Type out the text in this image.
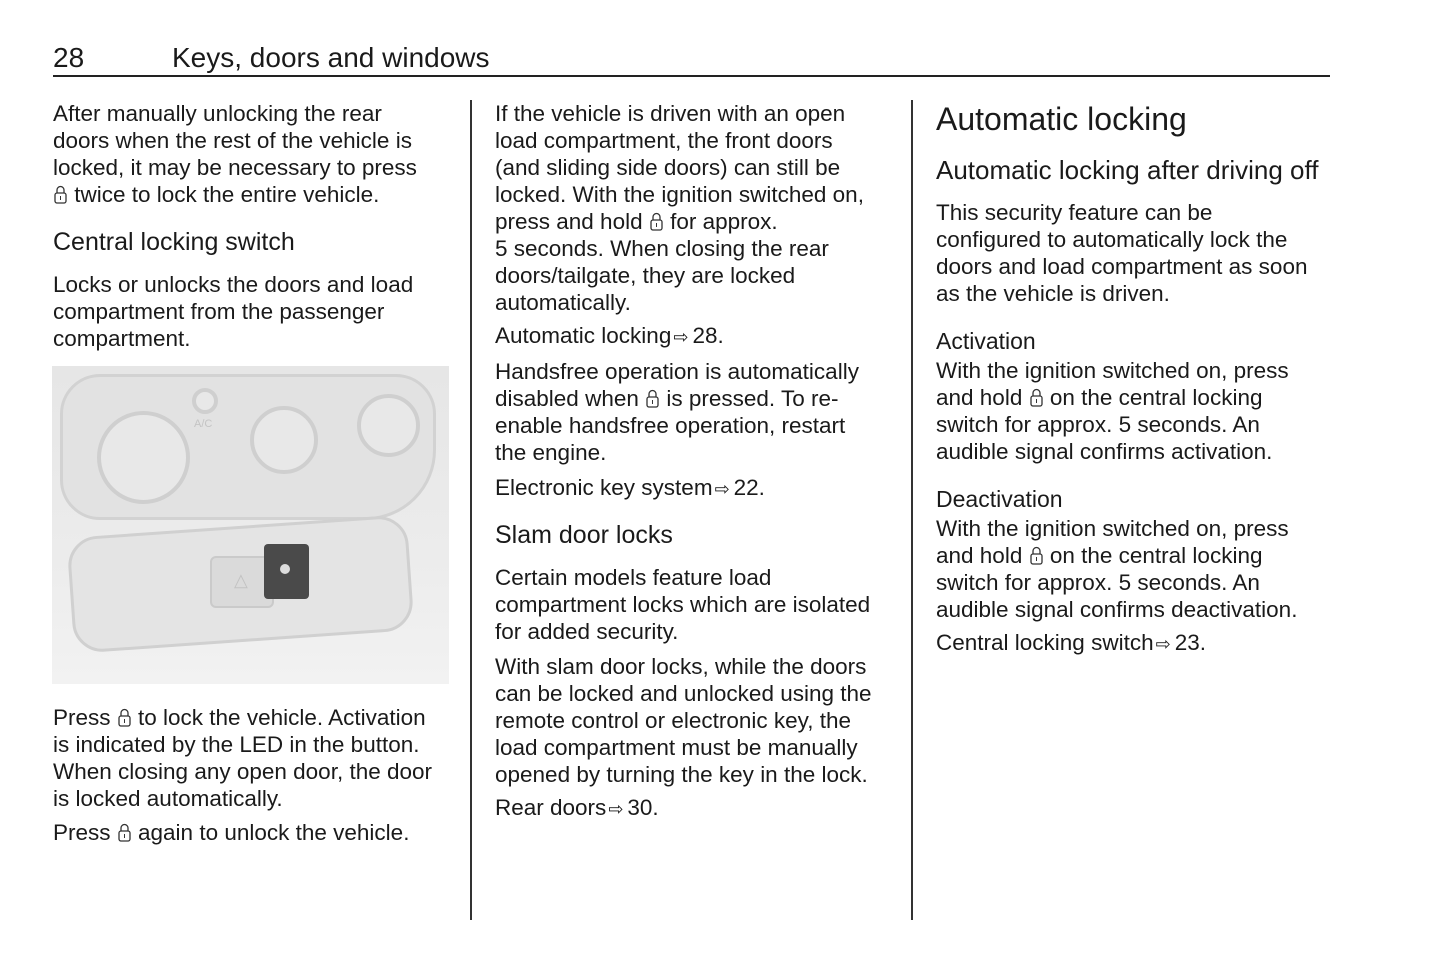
28	Keys, doors and windows
After manually unlocking the rear
doors when the rest of the vehicle is
locked, it may be necessary to press
twice to lock the entire vehicle.
Central locking switch
Locks or unlocks the doors and load
compartment from the passenger
compartment.
A/C
△
Press  to lock the vehicle. Activation
is indicated by the LED in the button.
When closing any open door, the door
is locked automatically.
Press  again to unlock the vehicle.
If the vehicle is driven with an open
load compartment, the front doors
(and sliding side doors) can still be
locked. With the ignition switched on,
press and hold  for approx.
5 seconds. When closing the rear
doors/tailgate, they are locked
automatically.
Automatic locking ⇨ 28.
Handsfree operation is automatically
disabled when  is pressed. To re-
enable handsfree operation, restart
the engine.
Electronic key system ⇨ 22.
Slam door locks
Certain models feature load
compartment locks which are isolated
for added security.
With slam door locks, while the doors
can be locked and unlocked using the
remote control or electronic key, the
load compartment must be manually
opened by turning the key in the lock.
Rear doors ⇨ 30.
Automatic locking
Automatic locking after driving off
This security feature can be
configured to automatically lock the
doors and load compartment as soon
as the vehicle is driven.
Activation
With the ignition switched on, press
and hold  on the central locking
switch for approx. 5 seconds. An
audible signal confirms activation.
Deactivation
With the ignition switched on, press
and hold  on the central locking
switch for approx. 5 seconds. An
audible signal confirms deactivation.
Central locking switch ⇨ 23.
